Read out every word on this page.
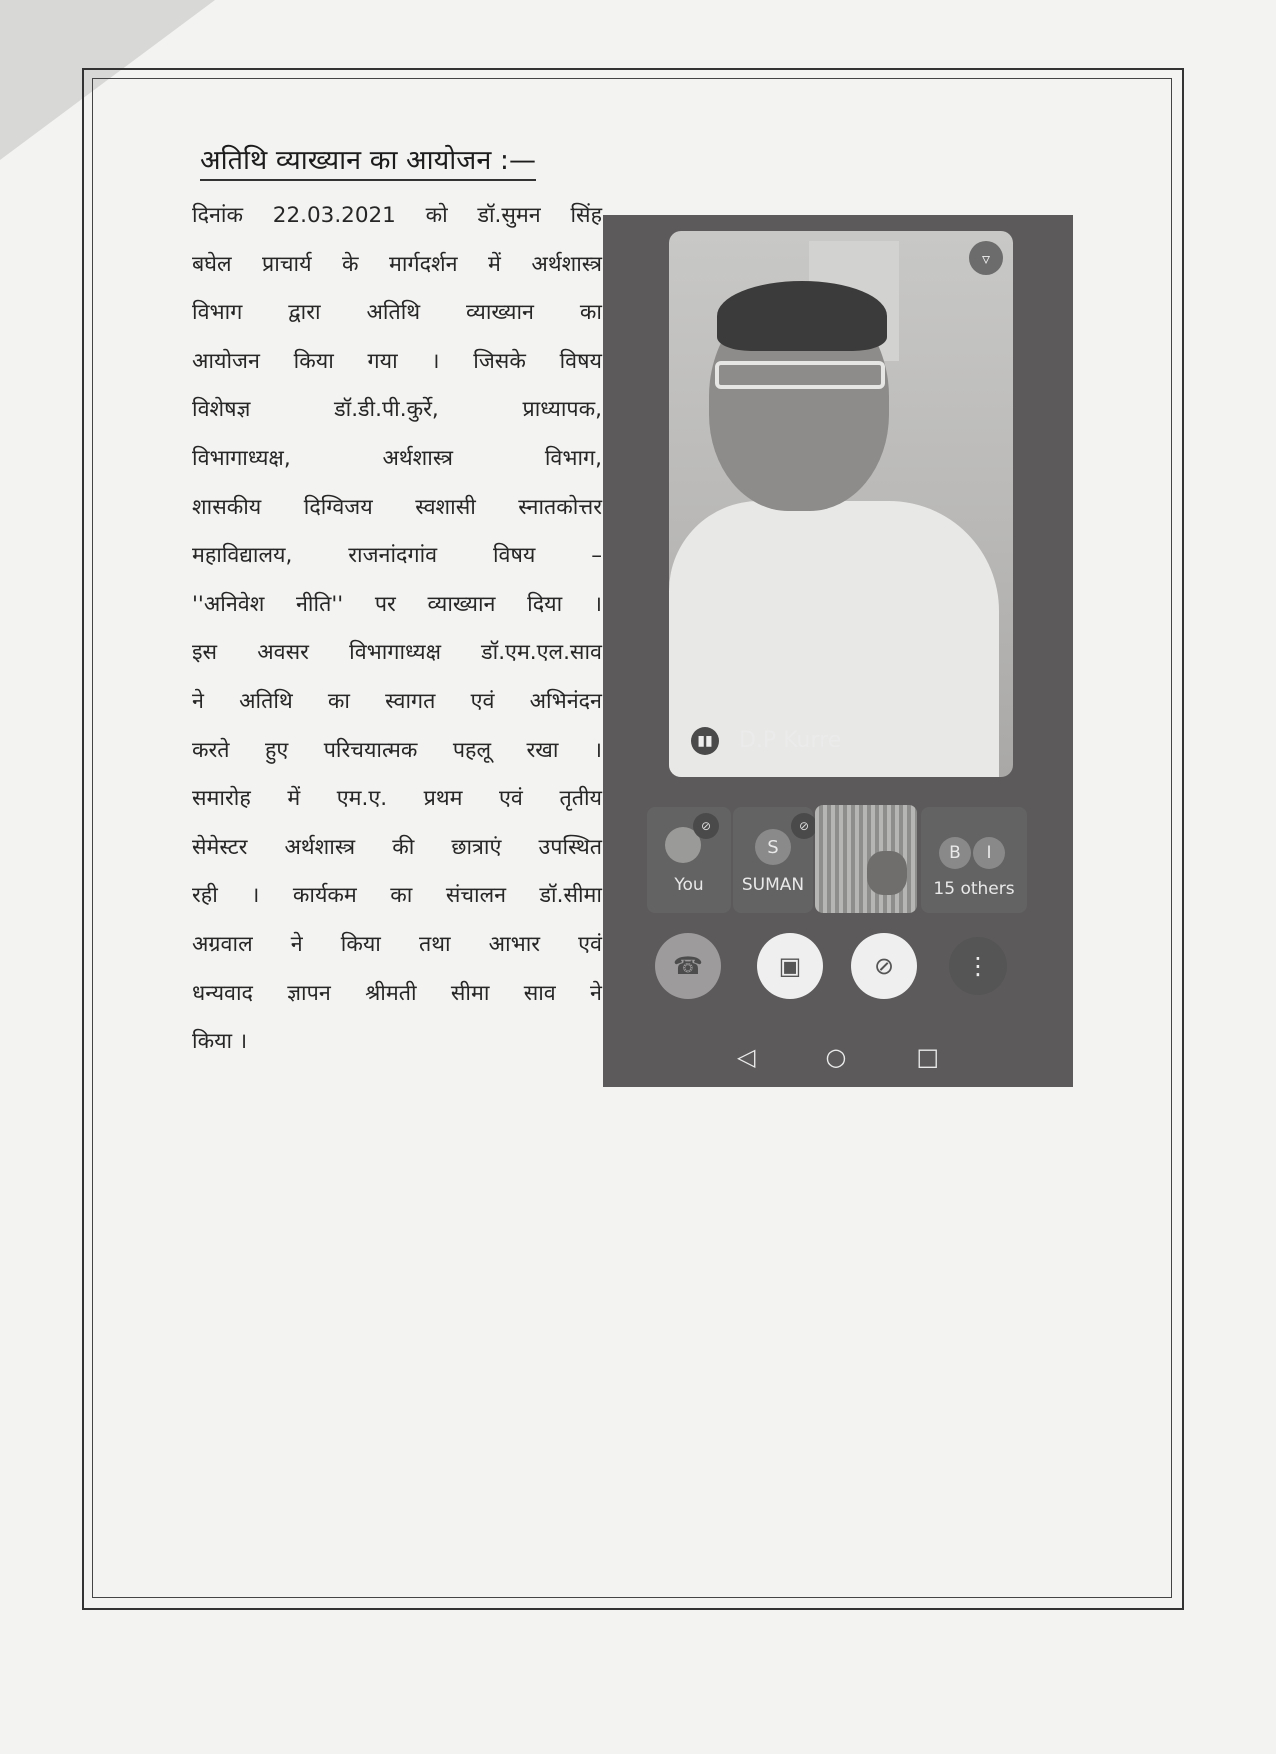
अतिथि व्याख्यान का आयोजन :—
दिनांक 22.03.2021 को डॉ.सुमन सिंह
बघेल प्राचार्य के मार्गदर्शन में अर्थशास्त्र
विभाग द्वारा अतिथि व्याख्यान का
आयोजन किया गया । जिसके विषय
विशेषज्ञ डॉ.डी.पी.कुर्रे, प्राध्यापक,
विभागाध्यक्ष, अर्थशास्त्र विभाग,
शासकीय दिग्विजय स्वशासी स्नातकोत्तर
महाविद्यालय, राजनांदगांव विषय –
''अनिवेश नीति'' पर व्याख्यान दिया ।
इस अवसर विभागाध्यक्ष डॉ.एम.एल.साव
ने अतिथि का स्वागत एवं अभिनंदन
करते हुए परिचयात्मक पहलू रखा ।
समारोह में एम.ए. प्रथम एवं तृतीय
सेमेस्टर अर्थशास्त्र की छात्राएं उपस्थित
रही । कार्यकम का संचालन डॉ.सीमा
अग्रवाल ने किया तथा आभार एवं
धन्यवाद ज्ञापन श्रीमती सीमा साव ने
किया ।
▿
▮▮ D.P Kurre
⊘
You
S
⊘
SUMAN
B	I
15 others
☎	▣	⊘	⋮
◁	○	□
